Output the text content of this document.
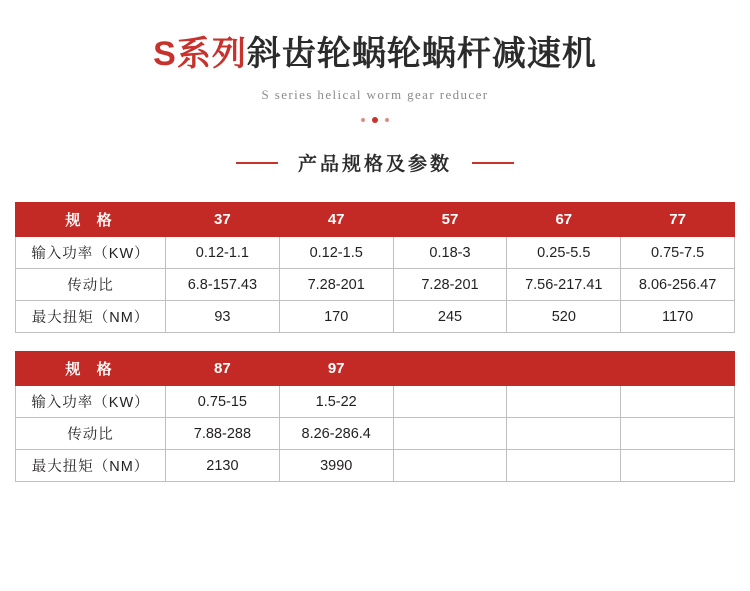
S系列斜齿轮蜗轮蜗杆减速机
S series helical worm gear reducer
产品规格及参数
规 格	37	47	57	67	77
输入功率（KW）	0.12-1.1	0.12-1.5	0.18-3	0.25-5.5	0.75-7.5
传动比	6.8-157.43	7.28-201	7.28-201	7.56-217.41	8.06-256.47
最大扭矩（NM）	93	170	245	520	1170
规 格	87	97			
输入功率（KW）	0.75-15	1.5-22			
传动比	7.88-288	8.26-286.4			
最大扭矩（NM）	2130	3990			
